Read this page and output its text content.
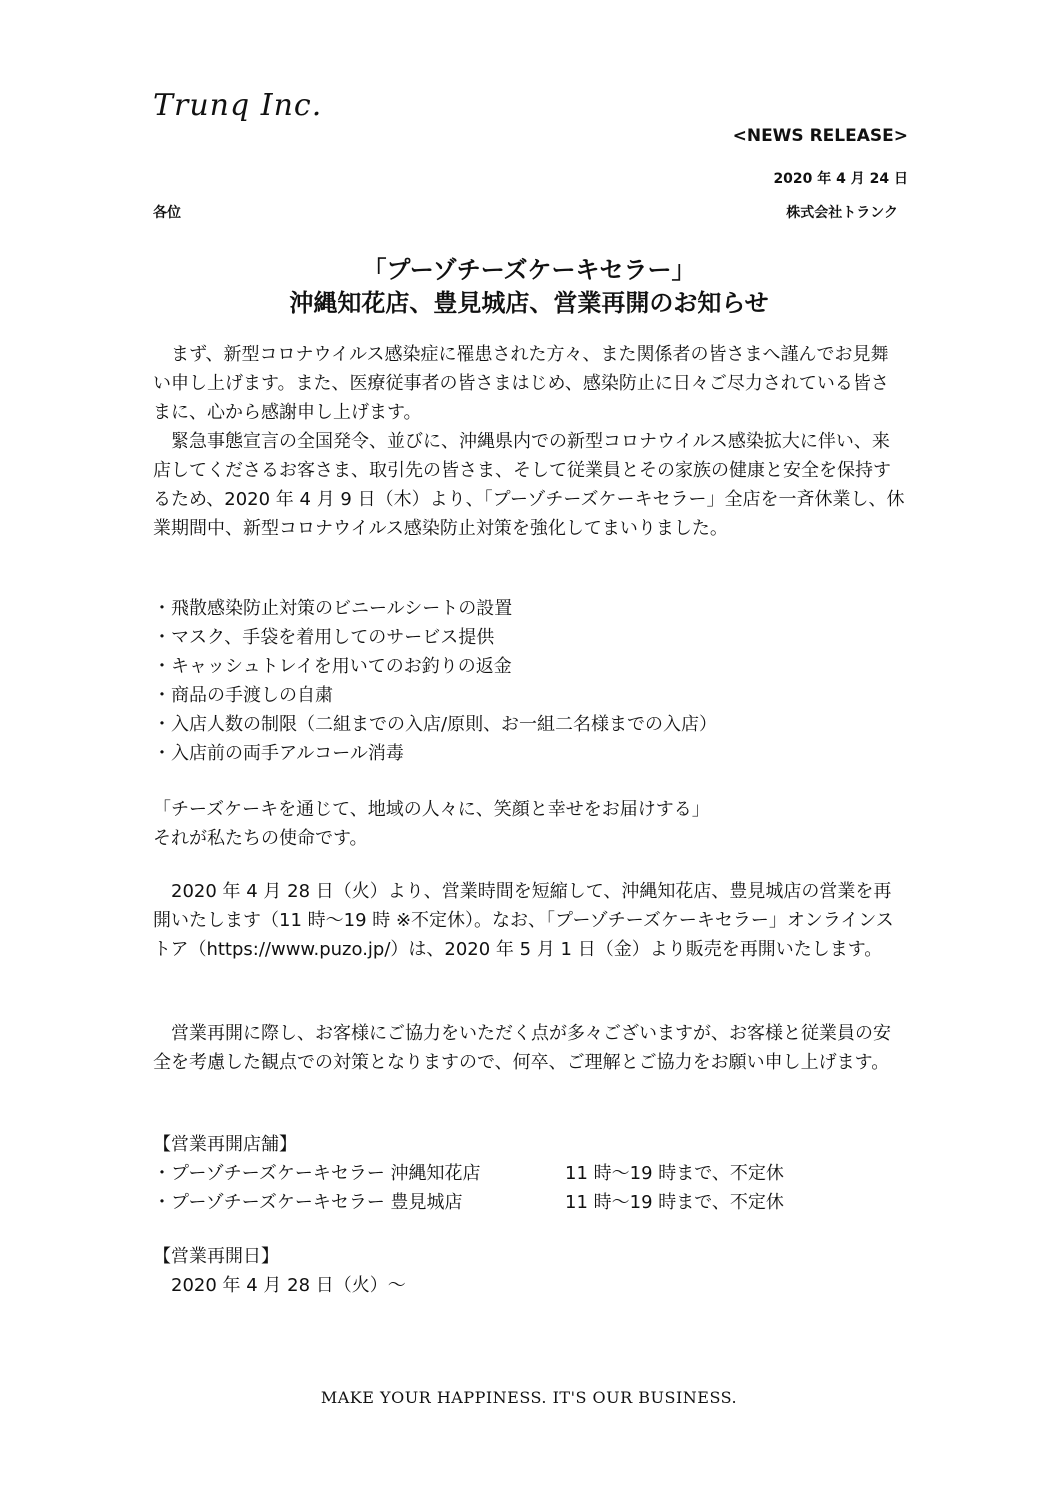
Trunq Inc.
<NEWS RELEASE>
2020 年 4 月 24 日
各位	株式会社トランク
「プーゾチーズケーキセラー」
沖縄知花店、豊見城店、営業再開のお知らせ

まず、新型コロナウイルス感染症に罹患された方々、また関係者の皆さまへ謹んでお見舞い申し上げます。また、医療従事者の皆さまはじめ、感染防止に日々ご尽力されている皆さまに、心から感謝申し上げます。

緊急事態宣言の全国発令、並びに、沖縄県内での新型コロナウイルス感染拡大に伴い、来店してくださるお客さま、取引先の皆さま、そして従業員とその家族の健康と安全を保持するため、2020 年 4 月 9 日（木）より、「プーゾチーズケーキセラー」全店を一斉休業し、休業期間中、新型コロナウイルス感染防止対策を強化してまいりました。

・飛散感染防止対策のビニールシートの設置
・マスク、手袋を着用してのサービス提供
・キャッシュトレイを用いてのお釣りの返金
・商品の手渡しの自粛
・入店人数の制限（二組までの入店/原則、お一組二名様までの入店）
・入店前の両手アルコール消毒
「チーズケーキを通じて、地域の人々に、笑顔と幸せをお届けする」
それが私たちの使命です。

2020 年 4 月 28 日（火）より、営業時間を短縮して、沖縄知花店、豊見城店の営業を再開いたします（11 時～19 時 ※不定休）。なお、「プーゾチーズケーキセラー」オンラインストア（https://www.puzo.jp/）は、2020 年 5 月 1 日（金）より販売を再開いたします。

営業再開に際し、お客様にご協力をいただく点が多々ございますが、お客様と従業員の安全を考慮した観点での対策となりますので、何卒、ご理解とご協力をお願い申し上げます。

【営業再開店舗】
・プーゾチーズケーキセラー 沖縄知花店	11 時～19 時まで、不定休
・プーゾチーズケーキセラー 豊見城店	11 時～19 時まで、不定休
【営業再開日】
2020 年 4 月 28 日（火）～
MAKE YOUR HAPPINESS. IT'S OUR BUSINESS.
